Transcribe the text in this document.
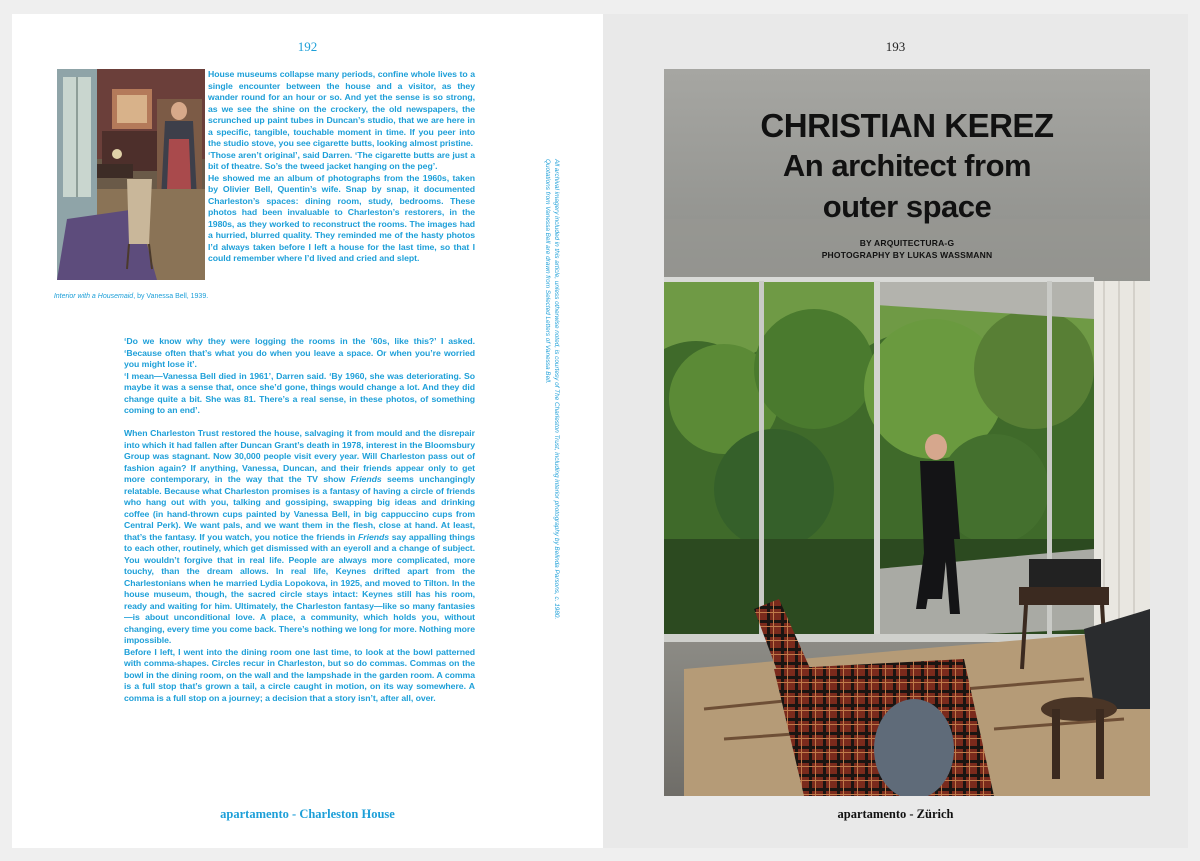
192
Interior with a Housemaid, by Vanessa Bell, 1939.

House museums collapse many periods, confine whole lives to a single encounter between the house and a visitor, as they wander round for an hour or so. And yet the sense is so strong, as we see the shine on the crockery, the old newspapers, the scrunched up paint tubes in Duncan’s studio, that we are here in a specific, tangible, touchable moment in time. If you peer into the studio stove, you see cigarette butts, looking almost pristine.

‘Those aren’t original’, said Darren. ‘The cigarette butts are just a bit of theatre. So’s the tweed jacket hanging on the peg’.

He showed me an album of photographs from the 1960s, taken by Olivier Bell, Quentin’s wife. Snap by snap, it documented Charleston’s spaces: dining room, study, bedrooms. These photos had been invaluable to Charleston’s restorers, in the 1980s, as they worked to reconstruct the rooms. The images had a hurried, blurred quality. They reminded me of the hasty photos I’d always taken before I left a house for the last time, so that I could remember where I’d lived and cried and slept.

‘Do we know why they were logging the rooms in the ’60s, like this?’ I asked. ‘Because often that’s what you do when you leave a space. Or when you’re worried you might lose it’.

‘I mean—Vanessa Bell died in 1961’, Darren said. ‘By 1960, she was deteriorating. So maybe it was a sense that, once she’d gone, things would change a lot. And they did change quite a bit. She was 81. There’s a real sense, in these photos, of something coming to an end’.

When Charleston Trust restored the house, salvaging it from mould and the disrepair into which it had fallen after Duncan Grant’s death in 1978, interest in the Bloomsbury Group was stagnant. Now 30,000 people visit every year. Will Charleston pass out of fashion again? If anything, Vanessa, Duncan, and their friends appear only to get more contemporary, in the way that the TV show Friends seems unchangingly relatable. Because what Charleston promises is a fantasy of having a circle of friends who hang out with you, talking and gossiping, swapping big ideas and drinking coffee (in hand-thrown cups painted by Vanessa Bell, in big cappuccino cups from Central Perk). We want pals, and we want them in the flesh, close at hand. At least, that’s the fantasy. If you watch, you notice the friends in Friends say appalling things to each other, routinely, which get dismissed with an eyeroll and a change of subject. You wouldn’t forgive that in real life. People are always more complicated, more touchy, than the dream allows. In real life, Keynes drifted apart from the Charlestonians when he married Lydia Lopokova, in 1925, and moved to Tilton. In the house museum, though, the sacred circle stays intact: Keynes still has his room, ready and waiting for him. Ultimately, the Charleston fantasy—like so many fantasies—is about unconditional love. A place, a community, which holds you, without changing, every time you come back. There’s nothing we long for more. Nothing more impossible.

Before I left, I went into the dining room one last time, to look at the bowl patterned with comma-shapes. Circles recur in Charleston, but so do commas. Commas on the bowl in the dining room, on the wall and the lampshade in the garden room. A comma is a full stop that’s grown a tail, a circle caught in motion, on its way somewhere. A comma is a full stop on a journey; a decision that a story isn’t, after all, over.

All archival imagery included in this article, unless otherwise noted, is courtesy of The Charleston Trust, including interior photography by Belinda Parsons, c. 1980.

Quotations from Vanessa Bell are drawn from Selected Letters of Vanessa Bell.

apartamento - Charleston House
193
CHRISTIAN KEREZ
An architect from
outer space
BY ARQUITECTURA-G
PHOTOGRAPHY BY LUKAS WASSMANN
apartamento - Zürich
